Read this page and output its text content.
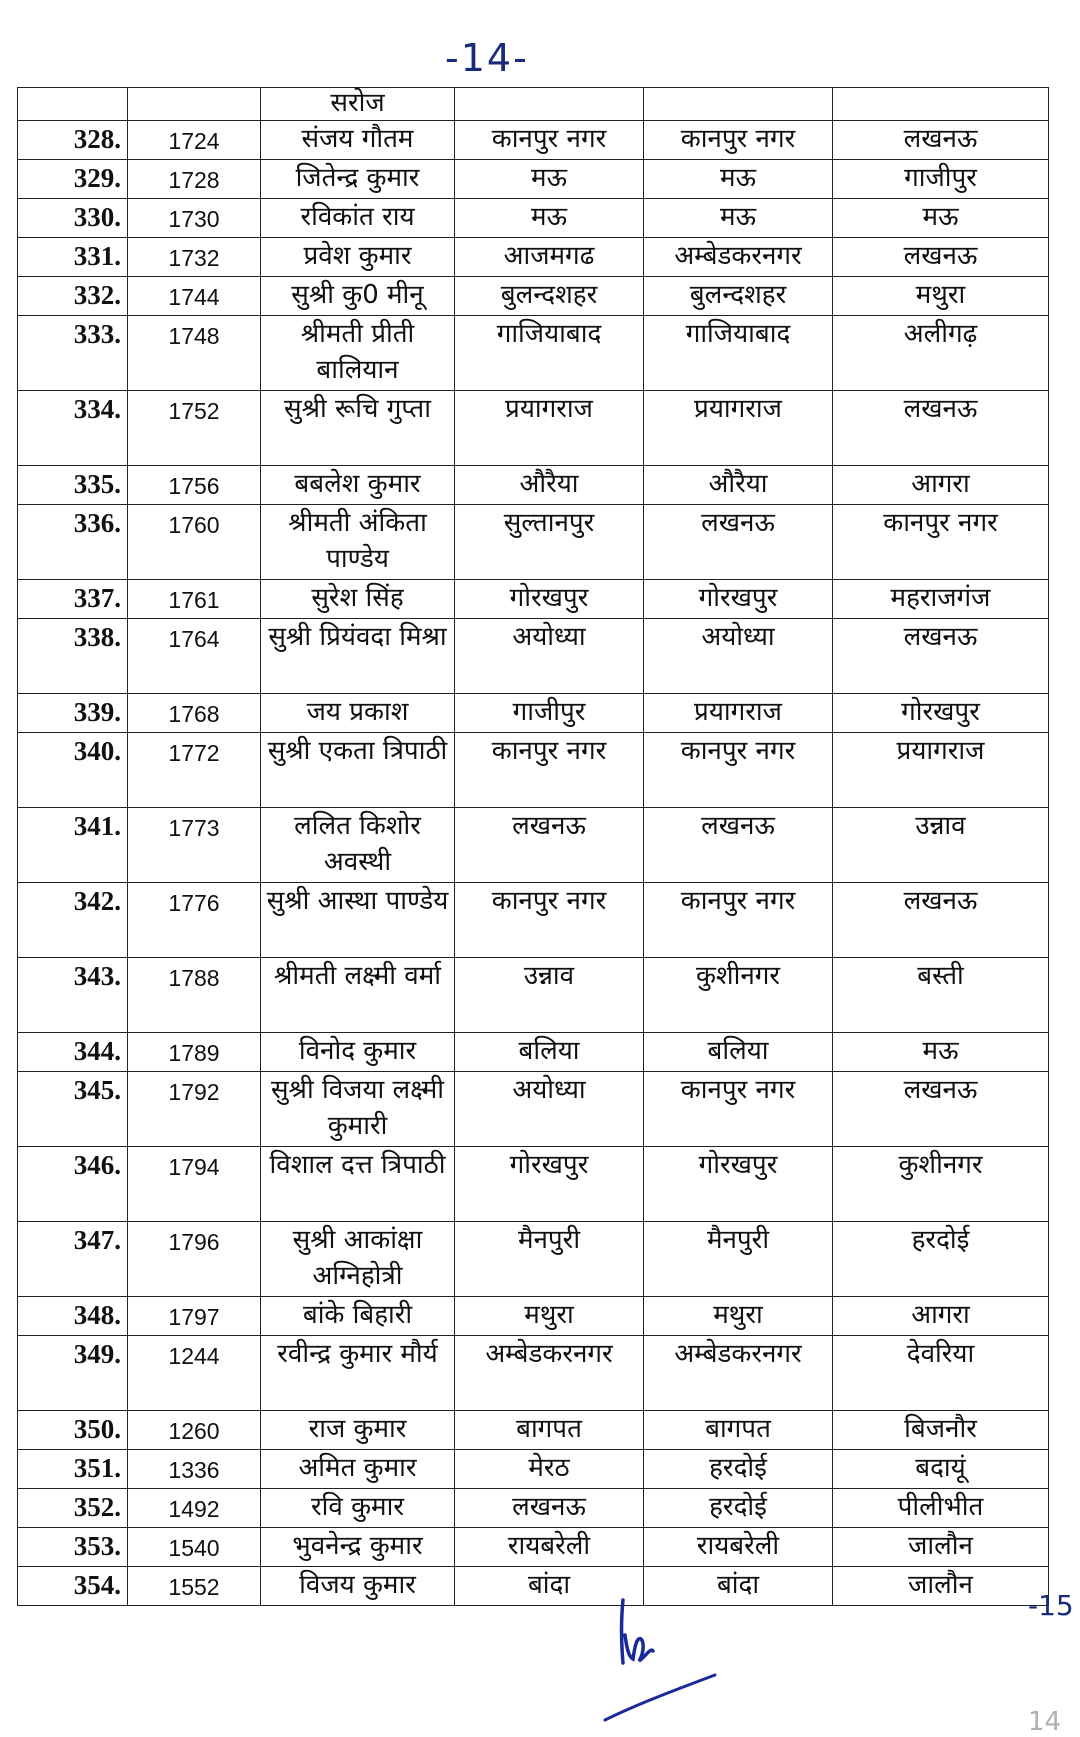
-14-
		सरोज			
328.	1724	संजय गौतम	कानपुर नगर	कानपुर नगर	लखनऊ
329.	1728	जितेन्द्र कुमार	मऊ	मऊ	गाजीपुर
330.	1730	रविकांत राय	मऊ	मऊ	मऊ
331.	1732	प्रवेश कुमार	आजमगढ	अम्बेडकरनगर	लखनऊ
332.	1744	सुश्री कु0 मीनू	बुलन्दशहर	बुलन्दशहर	मथुरा
333.	1748	श्रीमती प्रीती बालियान	गाजियाबाद	गाजियाबाद	अलीगढ़
334.	1752	सुश्री रूचि गुप्ता	प्रयागराज	प्रयागराज	लखनऊ
335.	1756	बबलेश कुमार	औरैया	औरैया	आगरा
336.	1760	श्रीमती अंकिता पाण्डेय	सुल्तानपुर	लखनऊ	कानपुर नगर
337.	1761	सुरेश सिंह	गोरखपुर	गोरखपुर	महराजगंज
338.	1764	सुश्री प्रियंवदा मिश्रा	अयोध्या	अयोध्या	लखनऊ
339.	1768	जय प्रकाश	गाजीपुर	प्रयागराज	गोरखपुर
340.	1772	सुश्री एकता त्रिपाठी	कानपुर नगर	कानपुर नगर	प्रयागराज
341.	1773	ललित किशोर अवस्थी	लखनऊ	लखनऊ	उन्नाव
342.	1776	सुश्री आस्था पाण्डेय	कानपुर नगर	कानपुर नगर	लखनऊ
343.	1788	श्रीमती लक्ष्मी वर्मा	उन्नाव	कुशीनगर	बस्ती
344.	1789	विनोद कुमार	बलिया	बलिया	मऊ
345.	1792	सुश्री विजया लक्ष्मी कुमारी	अयोध्या	कानपुर नगर	लखनऊ
346.	1794	विशाल दत्त त्रिपाठी	गोरखपुर	गोरखपुर	कुशीनगर
347.	1796	सुश्री आकांक्षा अग्निहोत्री	मैनपुरी	मैनपुरी	हरदोई
348.	1797	बांके बिहारी	मथुरा	मथुरा	आगरा
349.	1244	रवीन्द्र कुमार मौर्य	अम्बेडकरनगर	अम्बेडकरनगर	देवरिया
350.	1260	राज कुमार	बागपत	बागपत	बिजनौर
351.	1336	अमित कुमार	मेरठ	हरदोई	बदायूं
352.	1492	रवि कुमार	लखनऊ	हरदोई	पीलीभीत
353.	1540	भुवनेन्द्र कुमार	रायबरेली	रायबरेली	जालौन
354.	1552	विजय कुमार	बांदा	बांदा	जालौन
-15
14
